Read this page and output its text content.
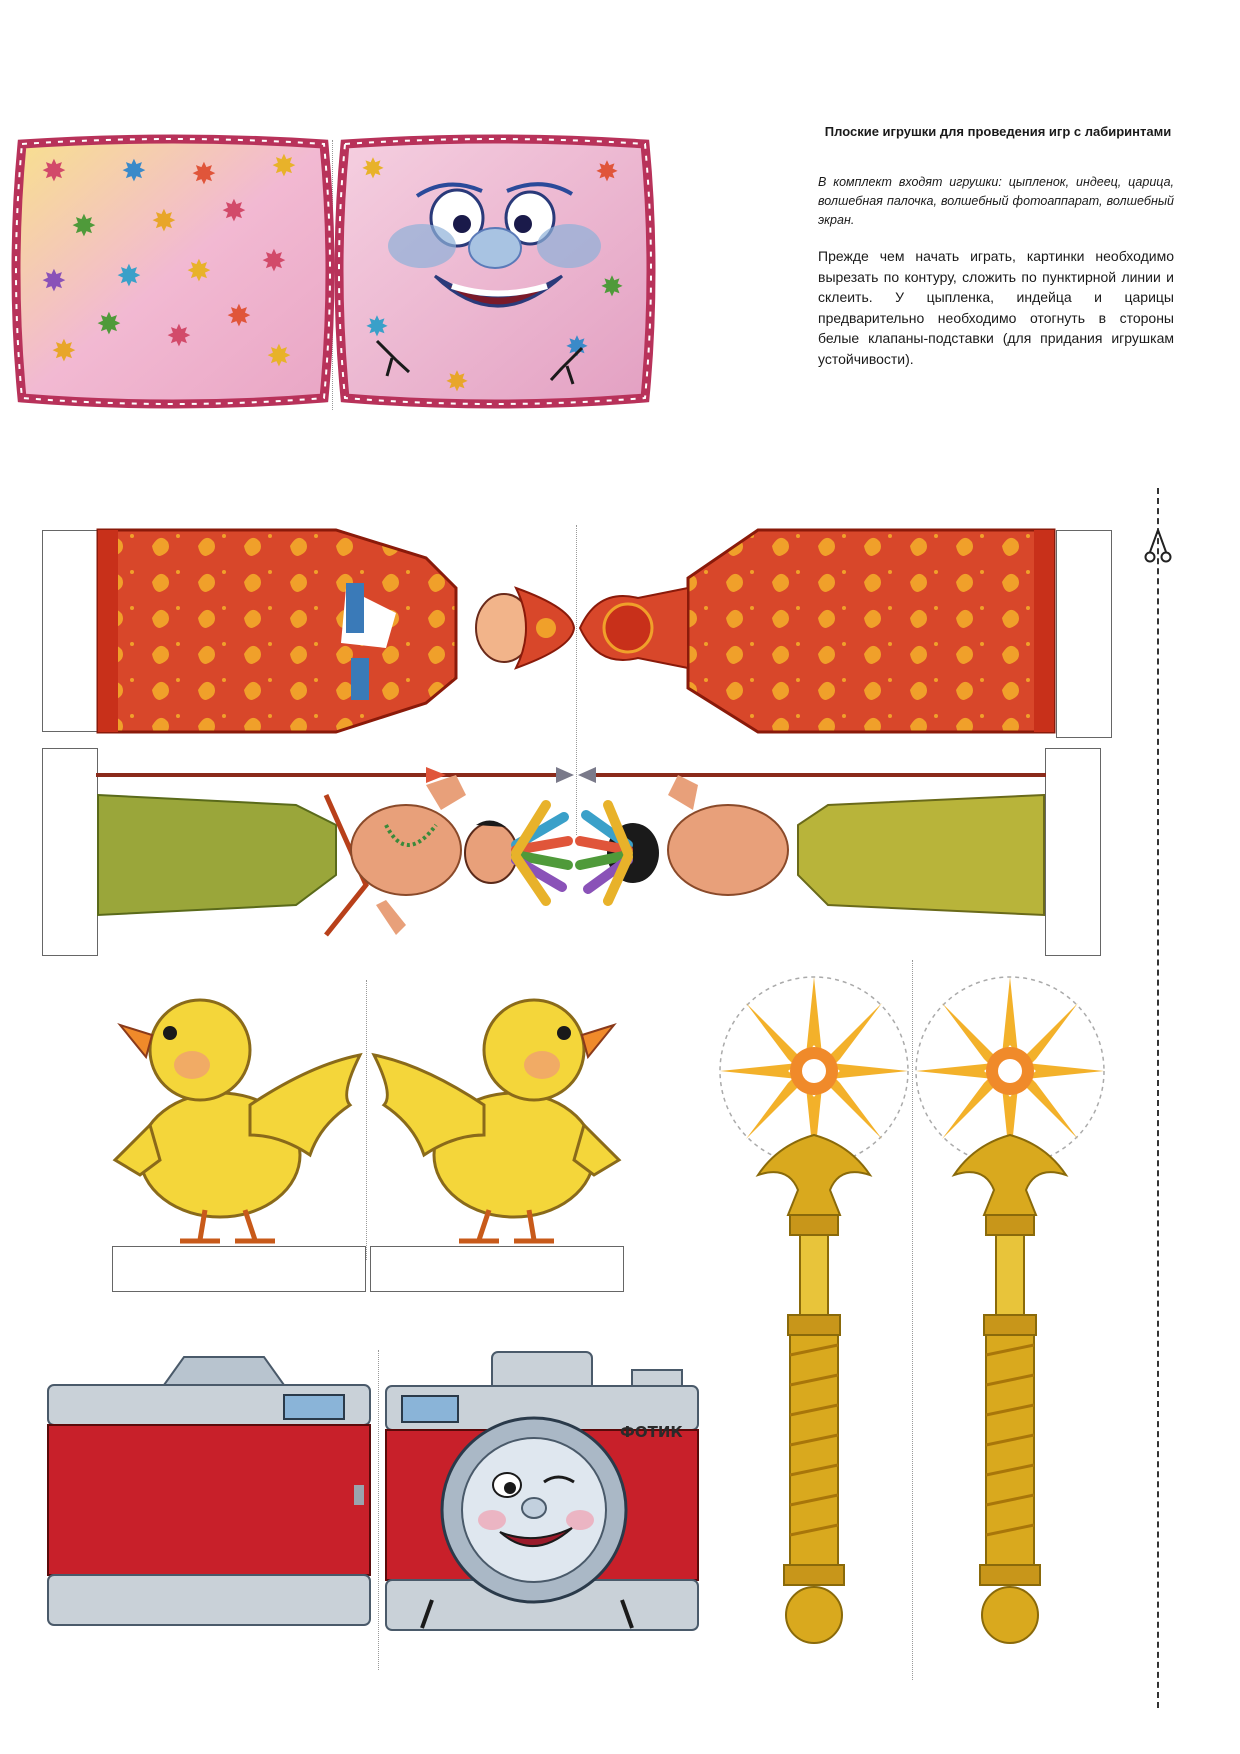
Плоские игрушки для проведения игр с лабиринтами
В комплект входят игрушки: цыпленок, индеец, царица, волшебная палочка, волшебный фотоаппарат, волшебный экран.
Прежде чем начать играть, картинки необходимо вырезать по контуру, сложить по пунктирной линии и склеить. У цыпленка, индейца и царицы предварительно необходимо отогнуть в стороны белые клапаны-подставки (для придания игрушкам устойчивости).
✸ ✸ ✸ ✸
✸ ✸ ✸
✸ ✸ ✸ ✸
✸
✸ ✸
✸
✸
✸
✸
✸
✸
✸
✸
ФОТИК
